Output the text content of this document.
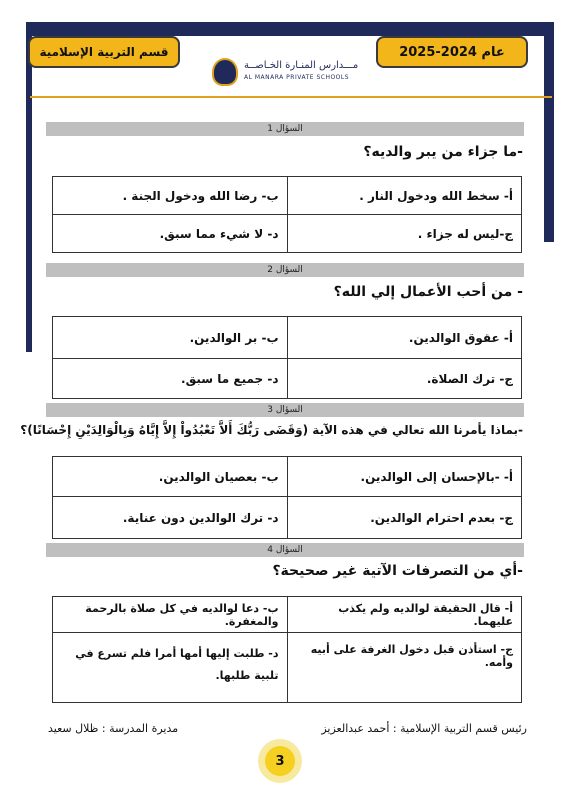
عام 2024-2025
قسم التربية الإسلامية
مـــدارس المنـارة الخـاصــة
AL MANARA PRIVATE SCHOOLS
السؤال 1
-ما جزاء من يبر والديه؟
أ- سخط الله ودخول النار .	ب- رضا الله ودخول الجنة .
ج-ليس له جزاء .	د- لا شيء مما سبق.
السؤال 2
- من أحب الأعمال إلي الله؟
أ- عقوق الوالدين.	ب- بر الوالدين.
ج- ترك الصلاة.	د- جميع ما سبق.
السؤال 3
-بماذا يأمرنا الله تعالي في هذه الآية (وَقَضَى رَبُّكَ أَلاَّ تَعْبُدُواْ إِلاَّ إِيَّاهُ وَبِالْوَالِدَيْنِ إِحْسَانًا)؟
أ- -بالإحسان إلى الوالدين.	ب- بعصيان الوالدين.
ج- بعدم احترام الوالدين.	د- ترك الوالدين دون عناية.
السؤال 4
-أي من التصرفات الآتية غير صحيحة؟
أ- قال الحقيقة لوالديه ولم يكذب عليهما.	ب- دعا لوالديه في كل صلاة بالرحمة والمغفرة.
ج- استأذن قبل دخول الغرفة على أبيه وأمه.	د- طلبت إليها أمها أمرا فلم تسرع في تلبية طلبها.
رئيس قسم التربية الإسلامية : أحمد عبدالعزيز
مديرة المدرسة : ظلال سعيد
3
